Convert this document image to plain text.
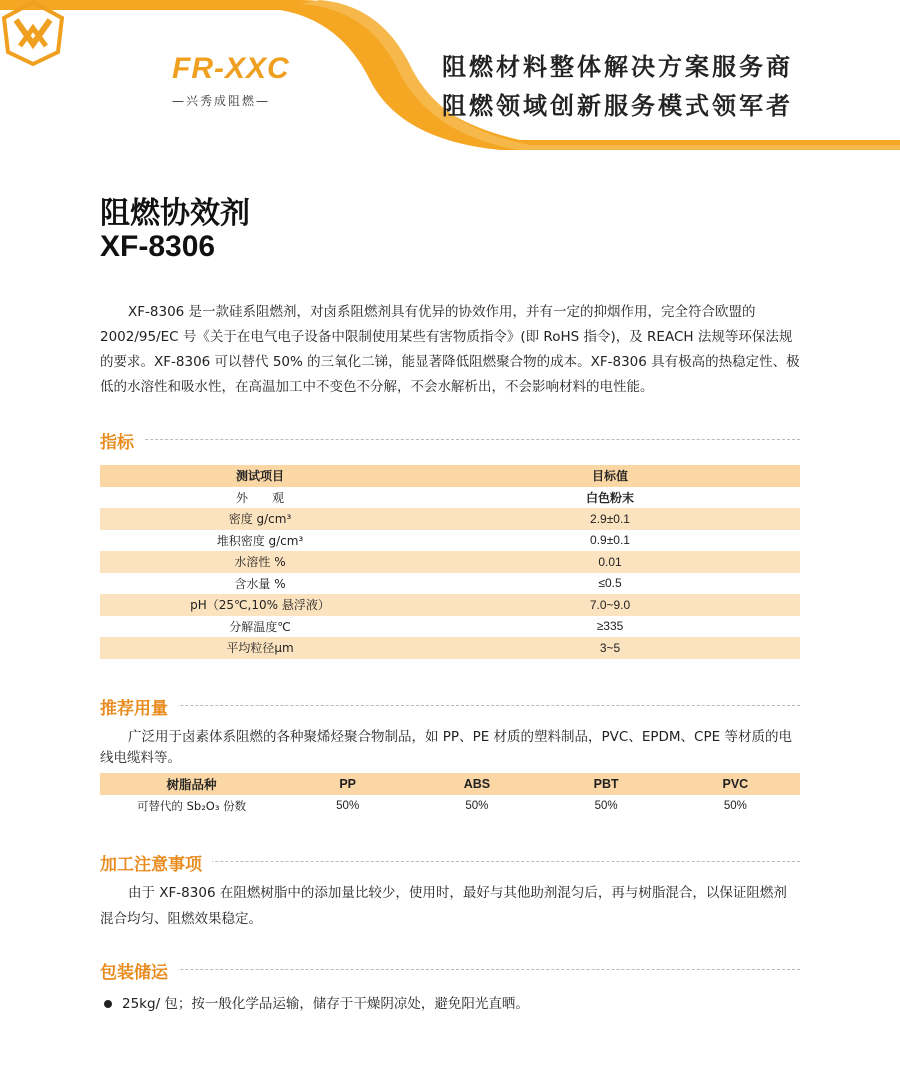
FR-XXC
—兴秀成阻燃—
阻燃材料整体解决方案服务商
阻燃领域创新服务模式领军者
阻燃协效剂
XF-8306
XF-8306 是一款硅系阻燃剂，对卤系阻燃剂具有优异的协效作用，并有一定的抑烟作用，完全符合欧盟的 2002/95/EC 号《关于在电气电子设备中限制使用某些有害物质指令》(即 RoHS 指令)，及 REACH 法规等环保法规的要求。XF-8306 可以替代 50% 的三氧化二锑，能显著降低阻燃聚合物的成本。XF-8306 具有极高的热稳定性、极低的水溶性和吸水性，在高温加工中不变色不分解，不会水解析出，不会影响材料的电性能。
指标
测试项目	目标值
外　　观	白色粉末
密度 g/cm³	2.9±0.1
堆积密度 g/cm³	0.9±0.1
水溶性 %	0.01
含水量 %	≤0.5
pH（25℃,10% 悬浮液）	7.0~9.0
分解温度℃	≥335
平均粒径μm	3~5
推荐用量
广泛用于卤素体系阻燃的各种聚烯烃聚合物制品，如 PP、PE 材质的塑料制品，PVC、EPDM、CPE 等材质的电线电缆料等。
树脂品种	PP	ABS	PBT	PVC
可替代的 Sb₂O₃ 份数	50%	50%	50%	50%
加工注意事项
由于 XF-8306 在阻燃树脂中的添加量比较少，使用时，最好与其他助剂混匀后，再与树脂混合，以保证阻燃剂混合均匀、阻燃效果稳定。
包装储运
25kg/ 包；按一般化学品运输，储存于干燥阴凉处，避免阳光直晒。
